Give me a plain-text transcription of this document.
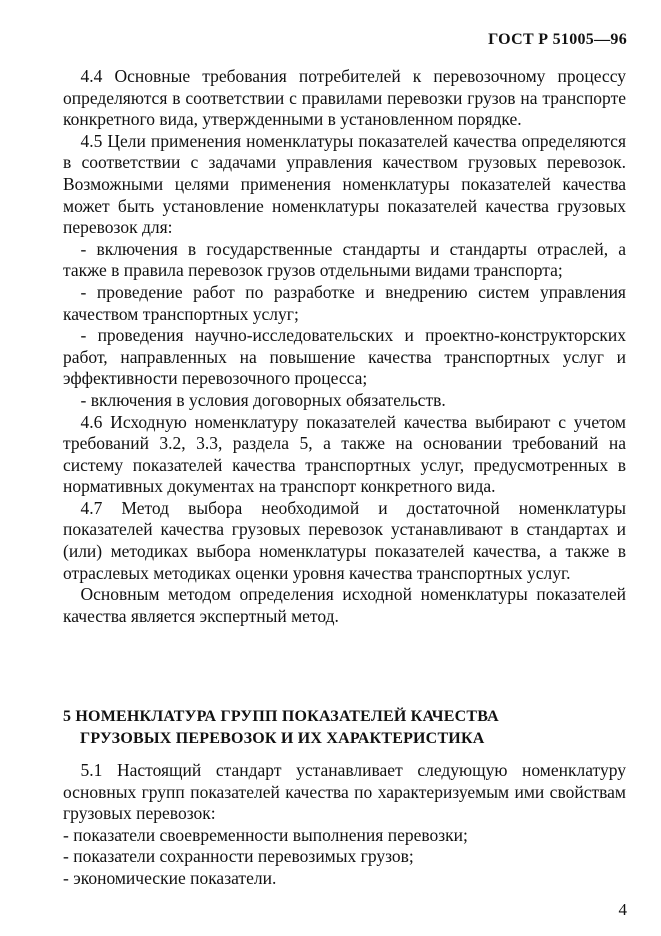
ГОСТ Р 51005—96

4.4 Основные требования потребителей к перевозочному процессу определяются в соответствии с правилами перевозки грузов на транспорте конкретного вида, утвержденными в установленном порядке.

4.5 Цели применения номенклатуры показателей качества определяются в соответствии с задачами управления качеством грузовых перевозок. Возможными целями применения номенклатуры показателей качества может быть установление номенклатуры показателей качества грузовых перевозок для:

- включения в государственные стандарты и стандарты отраслей, а также в правила перевозок грузов отдельными видами транспорта;

- проведение работ по разработке и внедрению систем управления качеством транспортных услуг;

- проведения научно-исследовательских и проектно-конструкторских работ, направленных на повышение качества транспортных услуг и эффективности перевозочного процесса;

- включения в условия договорных обязательств.

4.6 Исходную номенклатуру показателей качества выбирают с учетом требований 3.2, 3.3, раздела 5, а также на основании требований на систему показателей качества транспортных услуг, предусмотренных в нормативных документах на транспорт конкретного вида.

4.7 Метод выбора необходимой и достаточной номенклатуры показателей качества грузовых перевозок устанавливают в стандартах и (или) методиках выбора номенклатуры показателей качества, а также в отраслевых методиках оценки уровня качества транспортных услуг.

Основным методом определения исходной номенклатуры показателей качества является экспертный метод.

5 НОМЕНКЛАТУРА ГРУПП ПОКАЗАТЕЛЕЙ КАЧЕСТВА
ГРУЗОВЫХ ПЕРЕВОЗОК И ИХ ХАРАКТЕРИСТИКА

5.1 Настоящий стандарт устанавливает следующую номенклатуру основных групп показателей качества по характеризуемым ими свойствам грузовых перевозок:

- показатели своевременности выполнения перевозки;

- показатели сохранности перевозимых грузов;

- экономические показатели.

4
